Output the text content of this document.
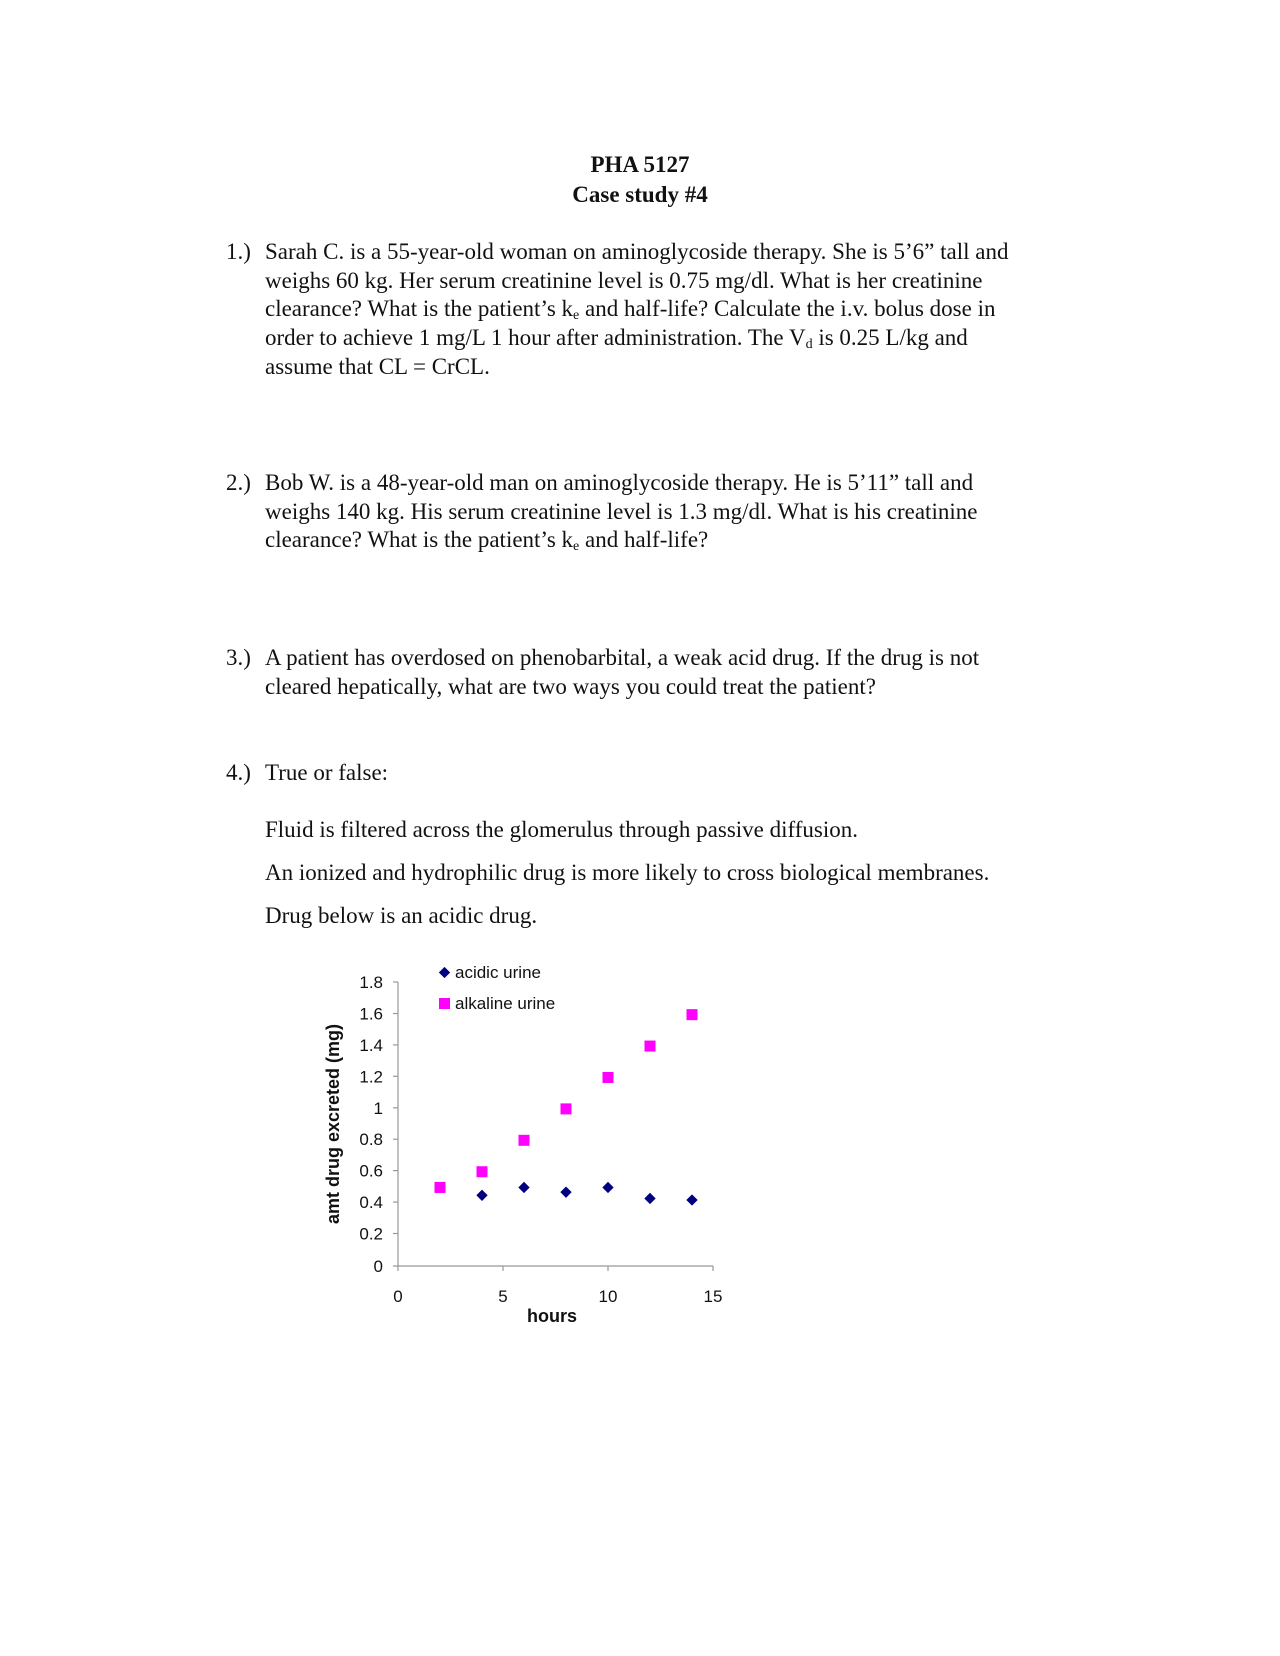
PHA 5127
Case study #4
1.) Sarah C. is a 55-year-old woman on aminoglycoside therapy. She is 5’6” tall and
weighs 60 kg. Her serum creatinine level is 0.75 mg/dl. What is her creatinine
clearance? What is the patient’s $k_e$ and half-life? Calculate the i.v. bolus dose in
order to achieve 1 mg/L 1 hour after administration. The $V_d$ is 0.25 L/kg and
assume that CL = CrCL.
2.) Bob W. is a 48-year-old man on aminoglycoside therapy. He is 5’11” tall and
weighs 140 kg. His serum creatinine level is 1.3 mg/dl. What is his creatinine
clearance? What is the patient’s $k_e$ and half-life?
3.) A patient has overdosed on phenobarbital, a weak acid drug. If the drug is not
cleared hepatically, what are two ways you could treat the patient?
4.) True or false:
Fluid is filtered across the glomerulus through passive diffusion.
An ionized and hydrophilic drug is more likely to cross biological membranes.
Drug below is an acidic drug.
1.8
1.6
1.4
1.2
1
0.8
0.6
0.4
0.2
0
0	5	10	15
hours
amt drug excreted (mg)
acidic urine
alkaline urine
